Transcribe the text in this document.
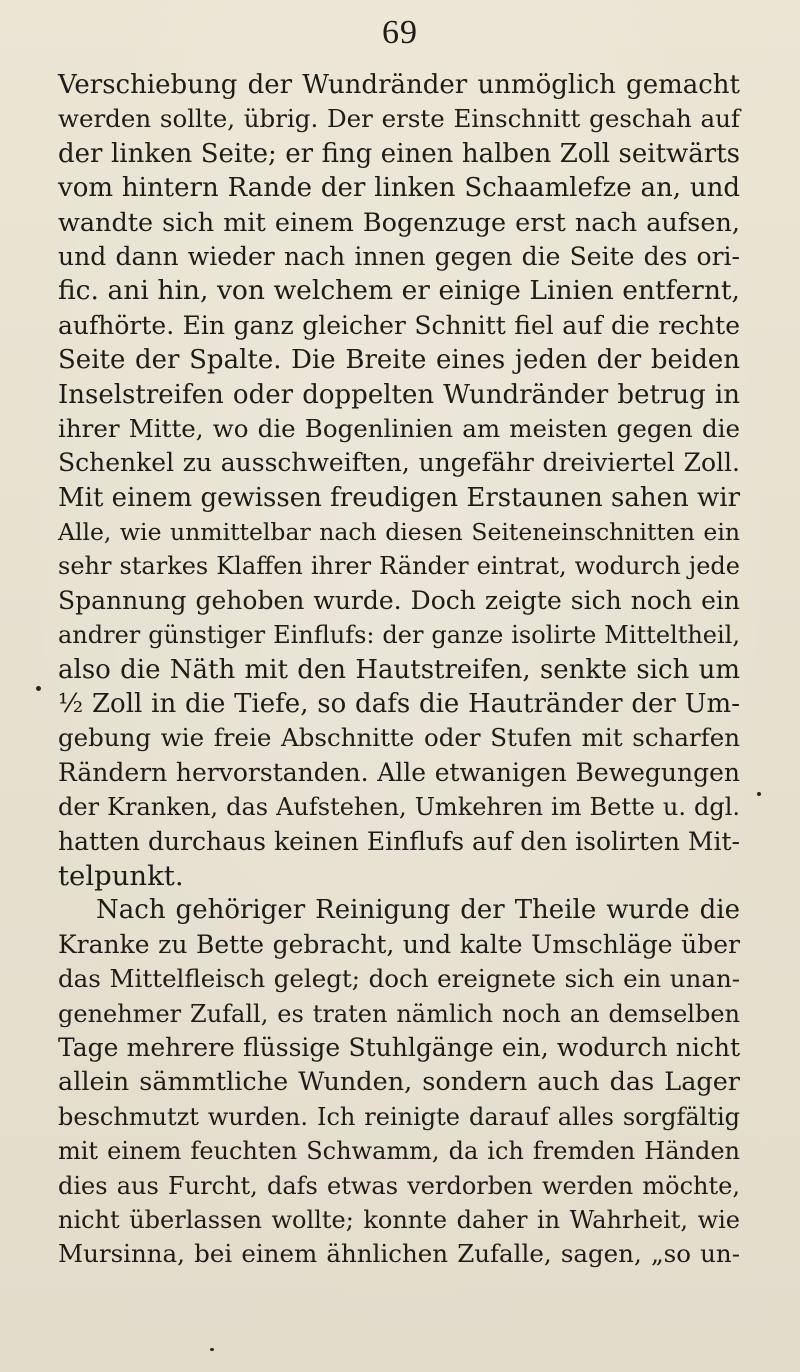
69
Verschiebung der Wundränder unmöglich gemacht
werden sollte, übrig. Der erste Einschnitt geschah auf
der linken Seite; er fing einen halben Zoll seitwärts
vom hintern Rande der linken Schaamlefze an, und
wandte sich mit einem Bogenzuge erst nach aufsen,
und dann wieder nach innen gegen die Seite des ori-
fic. ani hin, von welchem er einige Linien entfernt,
aufhörte. Ein ganz gleicher Schnitt fiel auf die rechte
Seite der Spalte. Die Breite eines jeden der beiden
Inselstreifen oder doppelten Wundränder betrug in
ihrer Mitte, wo die Bogenlinien am meisten gegen die
Schenkel zu ausschweiften, ungefähr dreiviertel Zoll.
Mit einem gewissen freudigen Erstaunen sahen wir
Alle, wie unmittelbar nach diesen Seiteneinschnitten ein
sehr starkes Klaffen ihrer Ränder eintrat, wodurch jede
Spannung gehoben wurde. Doch zeigte sich noch ein
andrer günstiger Einflufs: der ganze isolirte Mitteltheil,
also die Näth mit den Hautstreifen, senkte sich um
½ Zoll in die Tiefe, so dafs die Hautränder der Um-
gebung wie freie Abschnitte oder Stufen mit scharfen
Rändern hervorstanden. Alle etwanigen Bewegungen
der Kranken, das Aufstehen, Umkehren im Bette u. dgl.
hatten durchaus keinen Einflufs auf den isolirten Mit-
telpunkt.
Nach gehöriger Reinigung der Theile wurde die
Kranke zu Bette gebracht, und kalte Umschläge über
das Mittelfleisch gelegt; doch ereignete sich ein unan-
genehmer Zufall, es traten nämlich noch an demselben
Tage mehrere flüssige Stuhlgänge ein, wodurch nicht
allein sämmtliche Wunden, sondern auch das Lager
beschmutzt wurden. Ich reinigte darauf alles sorgfältig
mit einem feuchten Schwamm, da ich fremden Händen
dies aus Furcht, dafs etwas verdorben werden möchte,
nicht überlassen wollte; konnte daher in Wahrheit, wie
Mursinna, bei einem ähnlichen Zufalle, sagen, „so un-
